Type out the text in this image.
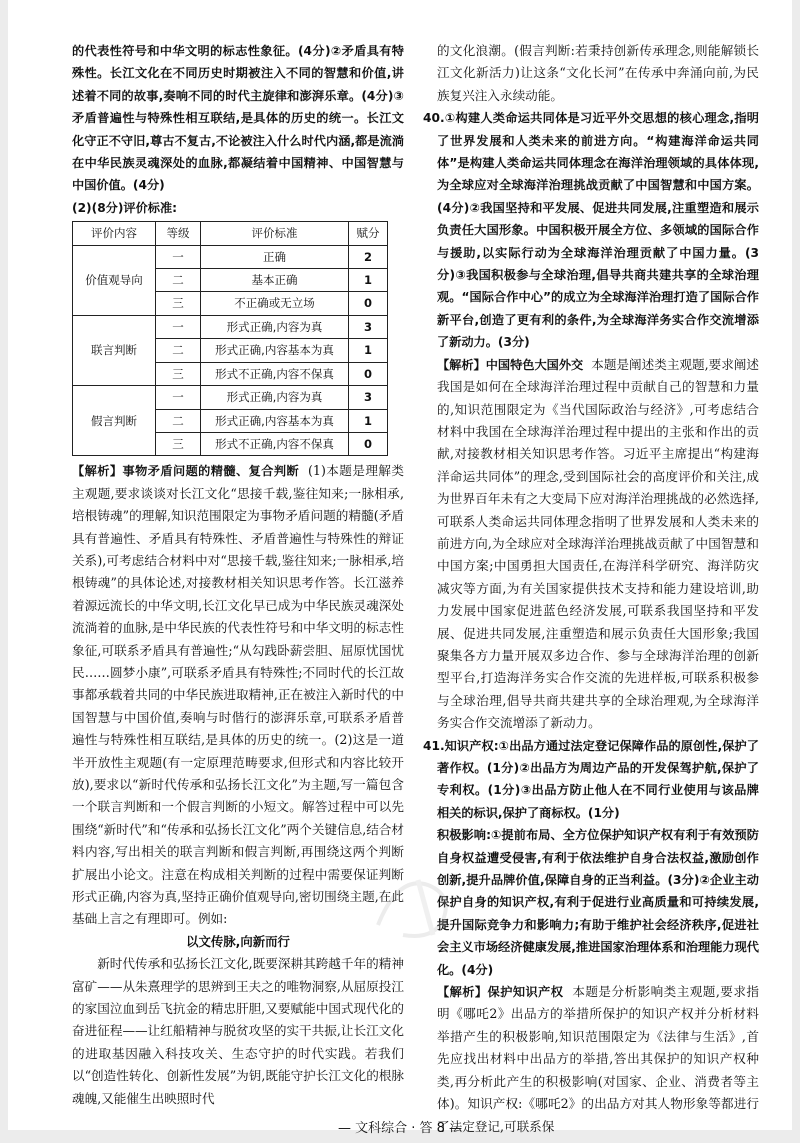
的代表性符号和中华文明的标志性象征。(4分)②矛盾具有特殊性。长江文化在不同历史时期被注入不同的智慧和价值,讲述着不同的故事,奏响不同的时代主旋律和澎湃乐章。(4分)③矛盾普遍性与特殊性相互联结,是具体的历史的统一。长江文化守正不守旧,尊古不复古,不论被注入什么时代内涵,都是流淌在中华民族灵魂深处的血脉,都凝结着中国精神、中国智慧与中国价值。(4分)

(2)(8分)评价标准:

评价内容	等级	评价标准	赋分
价值观导向	一	正确	2
	二	基本正确	1
	三	不正确或无立场	0
联言判断	一	形式正确,内容为真	3
	二	形式正确,内容基本为真	1
	三	形式不正确,内容不保真	0
假言判断	一	形式正确,内容为真	3
	二	形式正确,内容基本为真	1
	三	形式不正确,内容不保真	0

【解析】事物矛盾问题的精髓、复合判断 (1)本题是理解类主观题,要求谈谈对长江文化“思接千载,鉴往知来;一脉相承,培根铸魂”的理解,知识范围限定为事物矛盾问题的精髓(矛盾具有普遍性、矛盾具有特殊性、矛盾普遍性与特殊性的辩证关系),可考虑结合材料中对“思接千载,鉴往知来;一脉相承,培根铸魂”的具体论述,对接教材相关知识思考作答。长江滋养着源远流长的中华文明,长江文化早已成为中华民族灵魂深处流淌着的血脉,是中华民族的代表性符号和中华文明的标志性象征,可联系矛盾具有普遍性;“从勾践卧薪尝胆、屈原忧国忧民……圆梦小康”,可联系矛盾具有特殊性;不同时代的长江故事都承载着共同的中华民族进取精神,正在被注入新时代的中国智慧与中国价值,奏响与时偕行的澎湃乐章,可联系矛盾普遍性与特殊性相互联结,是具体的历史的统一。(2)这是一道半开放性主观题(有一定原理范畴要求,但形式和内容比较开放),要求以“新时代传承和弘扬长江文化”为主题,写一篇包含一个联言判断和一个假言判断的小短文。解答过程中可以先围绕“新时代”和“传承和弘扬长江文化”两个关键信息,结合材料内容,写出相关的联言判断和假言判断,再围绕这两个判断扩展出小论文。注意在构成相关判断的过程中需要保证判断形式正确,内容为真,坚持正确价值观导向,密切围绕主题,在此基础上言之有理即可。例如:

以文传脉,向新而行

新时代传承和弘扬长江文化,既要深耕其跨越千年的精神富矿——从朱熹理学的思辨到王夫之的唯物洞察,从屈原投江的家国泣血到岳飞抗金的精忠肝胆,又要赋能中国式现代化的奋进征程——让红船精神与脱贫攻坚的实干共振,让长江文化的进取基因融入科技攻关、生态守护的时代实践。若我们以“创造性转化、创新性发展”为钥,既能守护长江文化的根脉魂魄,又能催生出映照时代

的文化浪潮。(假言判断:若秉持创新传承理念,则能解锁长江文化新活力)让这条“文化长河”在传承中奔涌向前,为民族复兴注入永续动能。

40.①构建人类命运共同体是习近平外交思想的核心理念,指明了世界发展和人类未来的前进方向。“构建海洋命运共同体”是构建人类命运共同体理念在海洋治理领域的具体体现,为全球应对全球海洋治理挑战贡献了中国智慧和中国方案。(4分)②我国坚持和平发展、促进共同发展,注重塑造和展示负责任大国形象。中国积极开展全方位、多领域的国际合作与援助,以实际行动为全球海洋治理贡献了中国力量。(3分)③我国积极参与全球治理,倡导共商共建共享的全球治理观。“国际合作中心”的成立为全球海洋治理打造了国际合作新平台,创造了更有利的条件,为全球海洋务实合作交流增添了新动力。(3分)

【解析】中国特色大国外交 本题是阐述类主观题,要求阐述我国是如何在全球海洋治理过程中贡献自己的智慧和力量的,知识范围限定为《当代国际政治与经济》,可考虑结合材料中我国在全球海洋治理过程中提出的主张和作出的贡献,对接教材相关知识思考作答。习近平主席提出“构建海洋命运共同体”的理念,受到国际社会的高度评价和关注,成为世界百年未有之大变局下应对海洋治理挑战的必然选择,可联系人类命运共同体理念指明了世界发展和人类未来的前进方向,为全球应对全球海洋治理挑战贡献了中国智慧和中国方案;中国勇担大国责任,在海洋科学研究、海洋防灾减灾等方面,为有关国家提供技术支持和能力建设培训,助力发展中国家促进蓝色经济发展,可联系我国坚持和平发展、促进共同发展,注重塑造和展示负责任大国形象;我国聚集各方力量开展双多边合作、参与全球海洋治理的创新型平台,打造海洋务实合作交流的先进样板,可联系积极参与全球治理,倡导共商共建共享的全球治理观,为全球海洋务实合作交流增添了新动力。

41.知识产权:①出品方通过法定登记保障作品的原创性,保护了著作权。(1分)②出品方为周边产品的开发保驾护航,保护了专利权。(1分)③出品方防止他人在不同行业使用与该品牌相关的标识,保护了商标权。(1分)

积极影响:①提前布局、全方位保护知识产权有利于有效预防自身权益遭受侵害,有利于依法维护自身合法权益,激励创作创新,提升品牌价值,保障自身的正当利益。(3分)②企业主动保护自身的知识产权,有利于促进行业高质量和可持续发展,提升国际竞争力和影响力;有助于维护社会经济秩序,促进社会主义市场经济健康发展,推进国家治理体系和治理能力现代化。(4分)

【解析】保护知识产权 本题是分析影响类主观题,要求指明《哪吒2》出品方的举措所保护的知识产权并分析材料举措产生的积极影响,知识范围限定为《法律与生活》,首先应找出材料中出品方的举措,答出其保护的知识产权种类,再分析此产生的积极影响(对国家、企业、消费者等主体)。知识产权:《哪吒2》的出品方对其人物形象等都进行了法定登记,可联系保

— 文科综合 · 答 8 —
